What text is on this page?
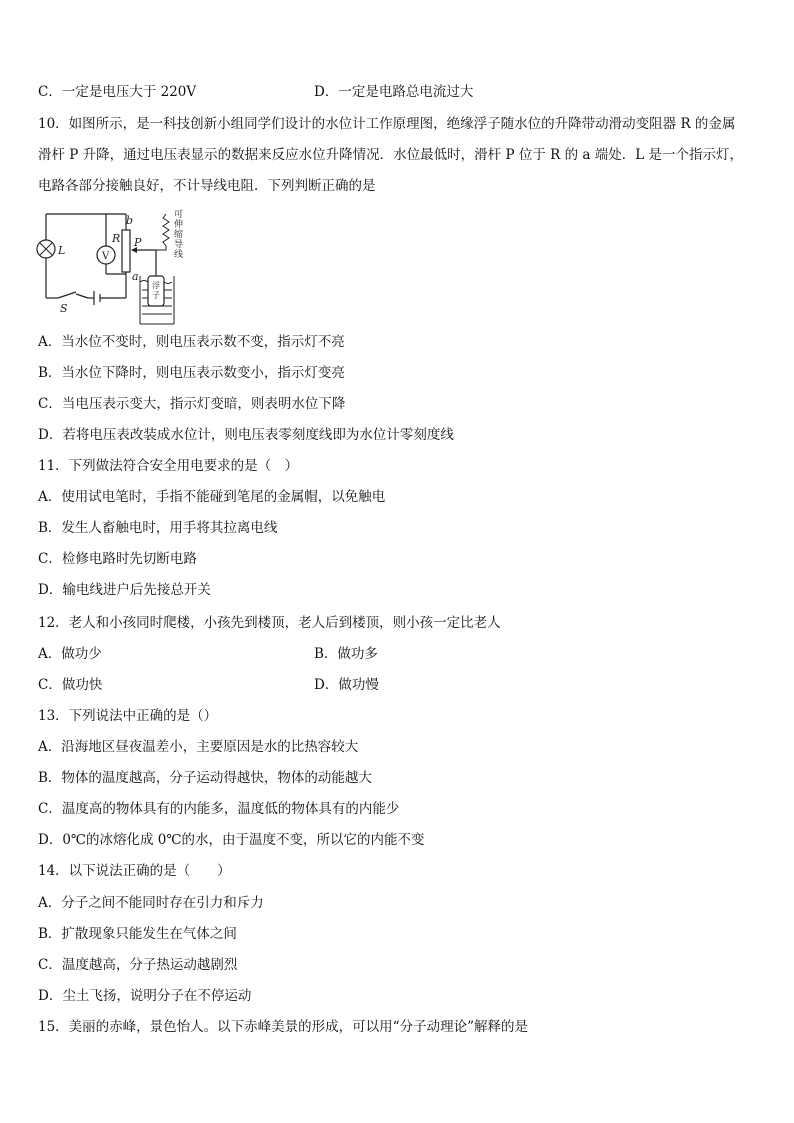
C．一定是电压大于 220V	D．一定是电路总电流过大
10．如图所示，是一科技创新小组同学们设计的水位计工作原理图，绝缘浮子随水位的升降带动滑动变阻器 R 的金属
滑杆 P 升降，通过电压表显示的数据来反应水位升降情况．水位最低时，滑杆 P 位于 R 的 a 端处．L 是一个指示灯，
电路各部分接触良好，不计导线电阻．下列判断正确的是
L	V
R P
b
a
S
可
伸
缩
导
线
浮
子
A．当水位不变时，则电压表示数不变，指示灯不亮
B．当水位下降时，则电压表示数变小，指示灯变亮
C．当电压表示变大，指示灯变暗，则表明水位下降
D．若将电压表改装成水位计，则电压表零刻度线即为水位计零刻度线
11．下列做法符合安全用电要求的是（　）
A．使用试电笔时，手指不能碰到笔尾的金属帽，以免触电
B．发生人畜触电时，用手将其拉离电线
C．检修电路时先切断电路
D．输电线进户后先接总开关
12．老人和小孩同时爬楼，小孩先到楼顶，老人后到楼顶，则小孩一定比老人
A．做功少	B．做功多
C．做功快	D．做功慢
13．下列说法中正确的是（）
A．沿海地区昼夜温差小，主要原因是水的比热容较大
B．物体的温度越高，分子运动得越快，物体的动能越大
C．温度高的物体具有的内能多，温度低的物体具有的内能少
D．0℃的冰熔化成 0℃的水，由于温度不变，所以它的内能不变
14．以下说法正确的是（　　）
A．分子之间不能同时存在引力和斥力
B．扩散现象只能发生在气体之间
C．温度越高，分子热运动越剧烈
D．尘土飞扬，说明分子在不停运动
15．美丽的赤峰，景色怡人。以下赤峰美景的形成，可以用“分子动理论”解释的是
